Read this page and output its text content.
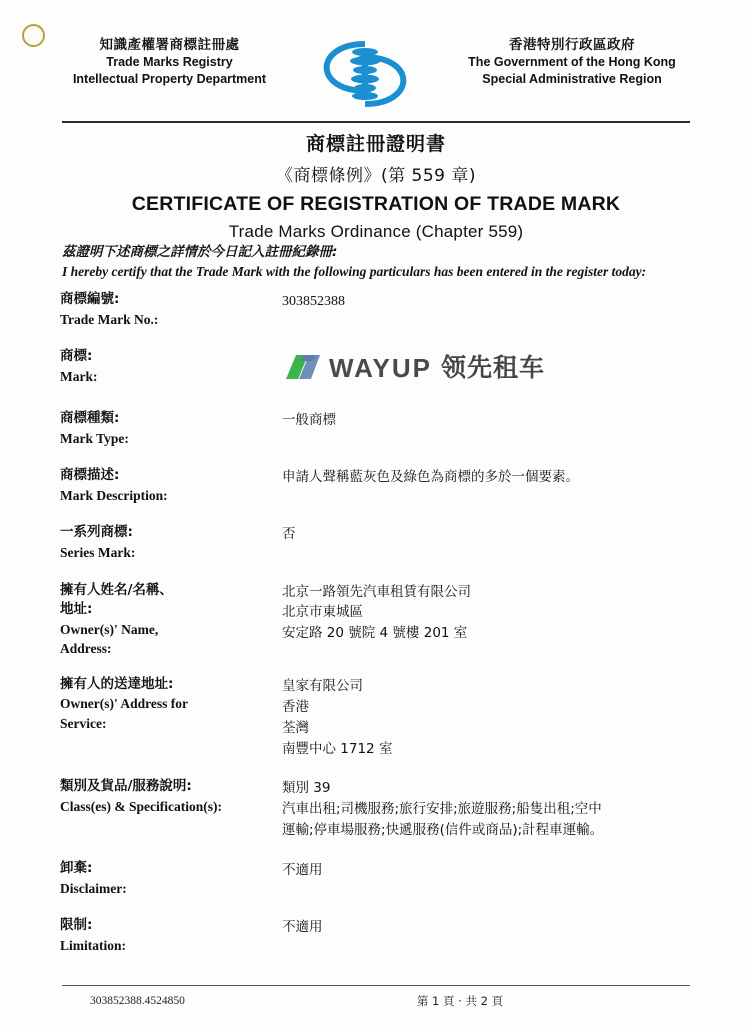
知識產權署商標註冊處
Trade Marks Registry
Intellectual Property Department
香港特別行政區政府
The Government of the Hong Kong
Special Administrative Region
商標註冊證明書
《商標條例》(第 559 章)
CERTIFICATE OF REGISTRATION OF TRADE MARK
Trade Marks Ordinance (Chapter 559)
茲證明下述商標之詳情於今日記入註冊紀錄冊:
I hereby certify that the Trade Mark with the following particulars has been entered in the register today:
商標編號:
Trade Mark No.:
303852388
商標:
Mark:	WAYUP 领先租车
商標種類:
Mark Type:
一般商標
商標描述:
Mark Description:
申請人聲稱藍灰色及綠色為商標的多於一個要素。
一系列商標:
Series Mark:
否
擁有人姓名/名稱、
地址:
Owner(s)' Name,
Address:
北京一路領先汽車租賃有限公司
北京市東城區
安定路 20 號院 4 號樓 201 室
擁有人的送達地址:
Owner(s)' Address for
Service:
皇家有限公司
香港
荃灣
南豐中心 1712 室
類別及貨品/服務說明:
Class(es) & Specification(s):
類別 39
汽車出租;司機服務;旅行安排;旅遊服務;船隻出租;空中
運輸;停車場服務;快遞服務(信件或商品);計程車運輸。
卸棄:
Disclaimer:
不適用
限制:
Limitation:
不適用
303852388.4524850	第 1 頁 · 共 2 頁
